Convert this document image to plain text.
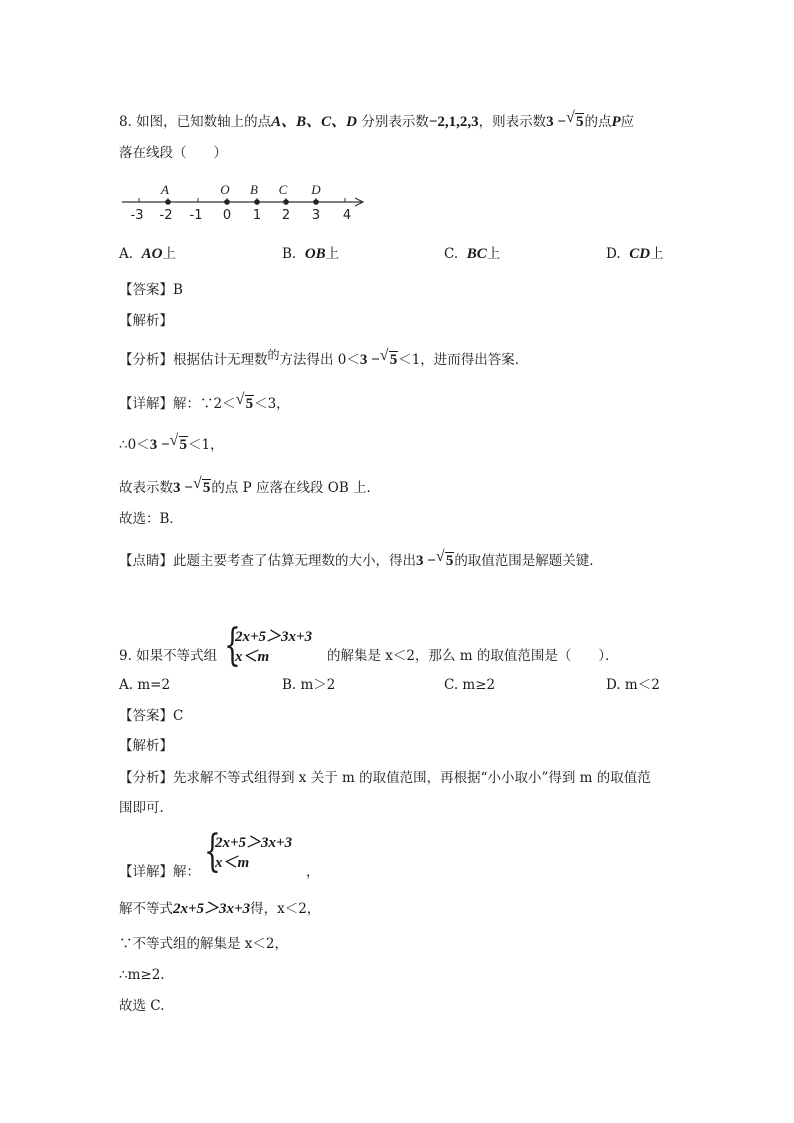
8. 如图，已知数轴上的点A、B、C、D 分别表示数−2,1,2,3，则表示数3 − √ 5的点P应
落在线段（　　）
A	O B C D
-3 -2 -1 0 1 2 3 4
A. AO上	B. OB上	C. BC上	D. CD上
【答案】B
【解析】
【分析】根据估计无理数的方法得出 0＜3 − √ 5＜1，进而得出答案．
【详解】解：∵2＜ √ 5＜3，
∴0＜3 − √ 5＜1，
故表示数3 − √ 5的点 P 应落在线段 OB 上．
故选：B．
【点睛】此题主要考查了估算无理数的大小，得出3 − √ 5的取值范围是解题关键．
{
2x+5＞3x+3
x＜m
9. 如果不等式组	的解集是 x＜2，那么 m 的取值范围是（　　）．
A. m=2	B. m＞2	C. m≥2	D. m＜2
【答案】C
【解析】
【分析】先求解不等式组得到 x 关于 m 的取值范围，再根据“小小取小”得到 m 的取值范
围即可.
【详解】解： {
2x+5＞3x+3
x＜m
，
解不等式2x+5＞3x+3得，x＜2，
∵不等式组的解集是 x＜2，
∴m≥2.
故选 C.
